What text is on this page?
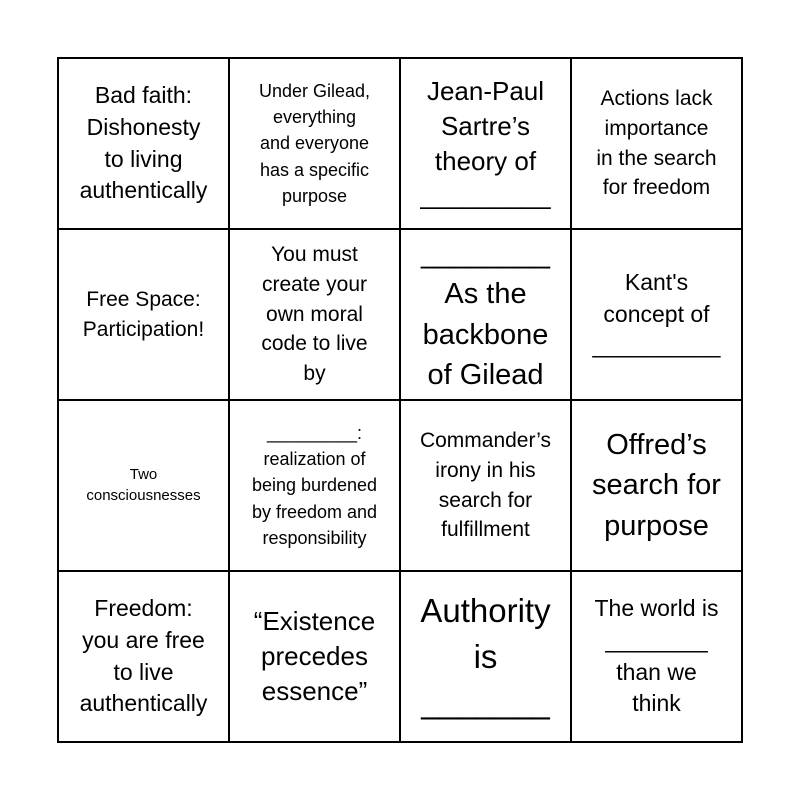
Bad faith:
Dishonesty
to living
authentically
Under Gilead,
everything
and everyone
has a specific
purpose
Jean-Paul
Sartre’s
theory of
_________
Actions lack
importance
in the search
for freedom
Free Space:
Participation!
You must
create your
own moral
code to live
by
________
As the
backbone
of Gilead
Kant's
concept of
__________
Two
consciousnesses
_________:
realization of
being burdened
by freedom and
responsibility
Commander’s
irony in his
search for
fulfillment
Offred’s
search for
purpose
Freedom:
you are free
to live
authentically
“Existence
precedes
essence”
Authority
is
_______
The world is
________
than we
think
